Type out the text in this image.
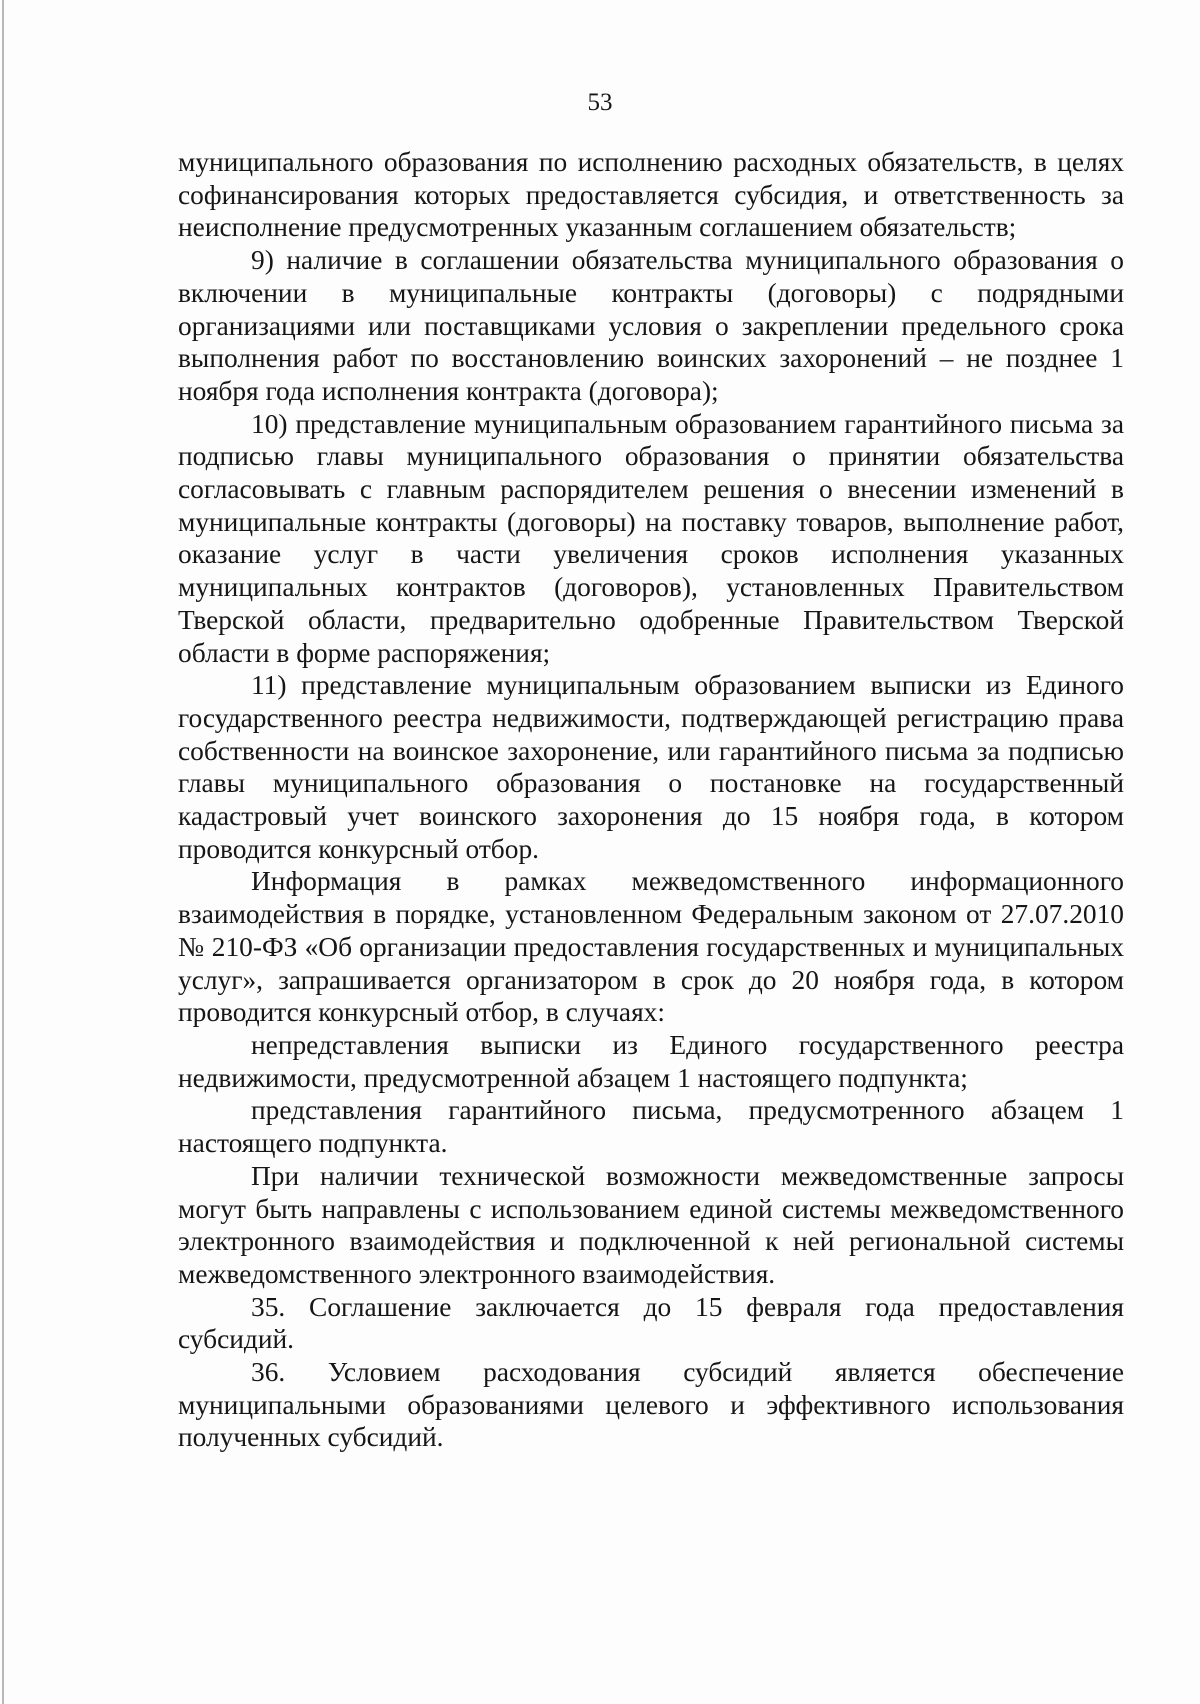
53

муниципального образования по исполнению расходных обязательств, в целях софинансирования которых предоставляется субсидия, и ответственность за неисполнение предусмотренных указанным соглашением обязательств;

9) наличие в соглашении обязательства муниципального образования о включении в муниципальные контракты (договоры) с подрядными организациями или поставщиками условия о закреплении предельного срока выполнения работ по восстановлению воинских захоронений – не позднее 1 ноября года исполнения контракта (договора);

10) представление муниципальным образованием гарантийного письма за подписью главы муниципального образования о принятии обязательства согласовывать с главным распорядителем решения о внесении изменений в муниципальные контракты (договоры) на поставку товаров, выполнение работ, оказание услуг в части увеличения сроков исполнения указанных муниципальных контрактов (договоров), установленных Правительством Тверской области, предварительно одобренные Правительством Тверской области в форме распоряжения;

11) представление муниципальным образованием выписки из Единого государственного реестра недвижимости, подтверждающей регистрацию права собственности на воинское захоронение, или гарантийного письма за подписью главы муниципального образования о постановке на государственный кадастровый учет воинского захоронения до 15 ноября года, в котором проводится конкурсный отбор.

Информация в рамках межведомственного информационного взаимодействия в порядке, установленном Федеральным законом от 27.07.2010 № 210-ФЗ «Об организации предоставления государственных и муниципальных услуг», запрашивается организатором в срок до 20 ноября года, в котором проводится конкурсный отбор, в случаях:

непредставления выписки из Единого государственного реестра недвижимости, предусмотренной абзацем 1 настоящего подпункта;

представления гарантийного письма, предусмотренного абзацем 1 настоящего подпункта.

При наличии технической возможности межведомственные запросы могут быть направлены с использованием единой системы межведомственного электронного взаимодействия и подключенной к ней региональной системы межведомственного электронного взаимодействия.

35. Соглашение заключается до 15 февраля года предоставления субсидий.

36. Условием расходования субсидий является обеспечение муниципальными образованиями целевого и эффективного использования полученных субсидий.
